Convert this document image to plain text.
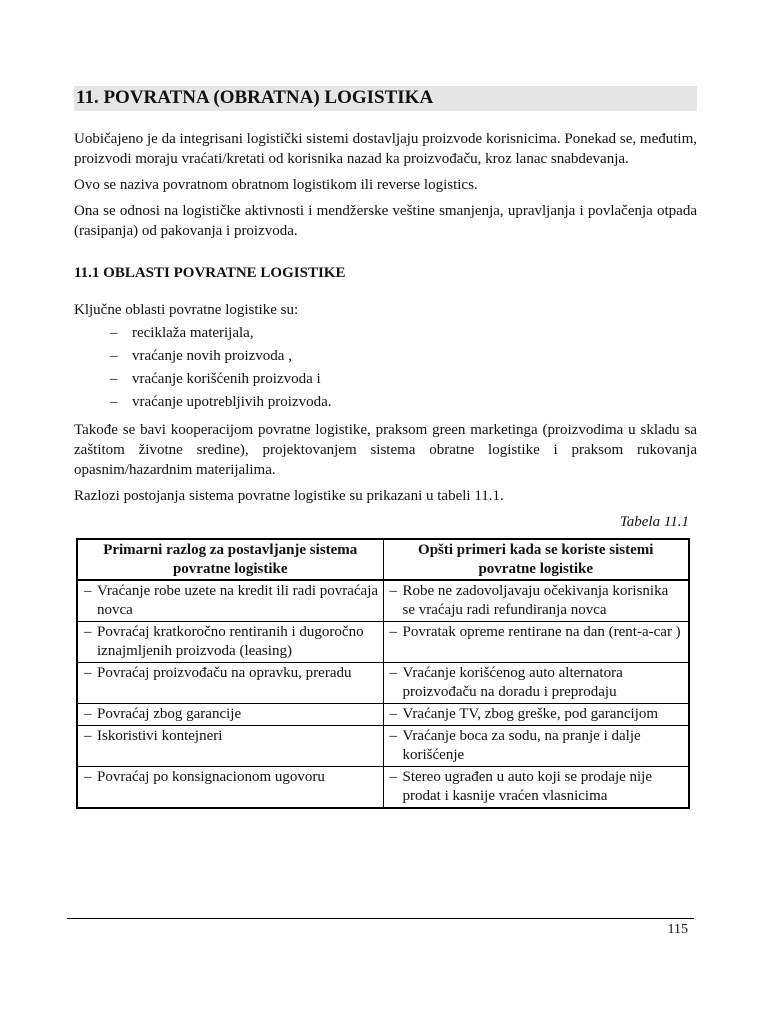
11. POVRATNA (OBRATNA) LOGISTIKA

Uobičajeno je da integrisani logistički sistemi dostavljaju proizvode korisnicima. Ponekad se, međutim, proizvodi moraju vraćati/kretati od korisnika nazad ka proizvođaču, kroz lanac snabdevanja.

Ovo se naziva povratnom obratnom logistikom ili reverse logistics.

Ona se odnosi na logističke aktivnosti i mendžerske veštine smanjenja, upravljanja i povlačenja otpada (rasipanja) od pakovanja i proizvoda.

11.1 OBLASTI POVRATNE LOGISTIKE

Ključne oblasti povratne logistike su:

– reciklaža materijala,
– vraćanje novih proizvoda ,
– vraćanje korišćenih proizvoda i
– vraćanje upotrebljivih proizvoda.

Takođe se bavi kooperacijom povratne logistike, praksom green marketinga (proizvodima u skladu sa zaštitom životne sredine), projektovanjem sistema obratne logistike i praksom rukovanja opasnim/hazardnim materijalima.

Razlozi postojanja sistema povratne logistike su prikazani u tabeli 11.1.

Tabela 11.1
Primarni razlog za postavljanje sistema povratne logistike	Opšti primeri kada se koriste sistemi povratne logistike

– Vraćanje robe uzete na kredit ili radi povraćaja novca	– Robe ne zadovoljavaju očekivanja korisnika se vraćaju radi refundiranja novca

– Povraćaj kratkoročno rentiranih i dugoročno iznajmljenih proizvoda (leasing)	– Povratak opreme rentirane na dan (rent-a-car )

– Povraćaj proizvođaču na opravku, preradu	– Vraćanje korišćenog auto alternatora proizvođaču na doradu i preprodaju

– Povraćaj zbog garancije	– Vraćanje TV, zbog greške, pod garancijom

– Iskoristivi kontejneri	– Vraćanje boca za sodu, na pranje i dalje korišćenje

– Povraćaj po konsignacionom ugovoru	– Stereo ugrađen u auto koji se prodaje nije prodat i kasnije vraćen vlasnicima
115
